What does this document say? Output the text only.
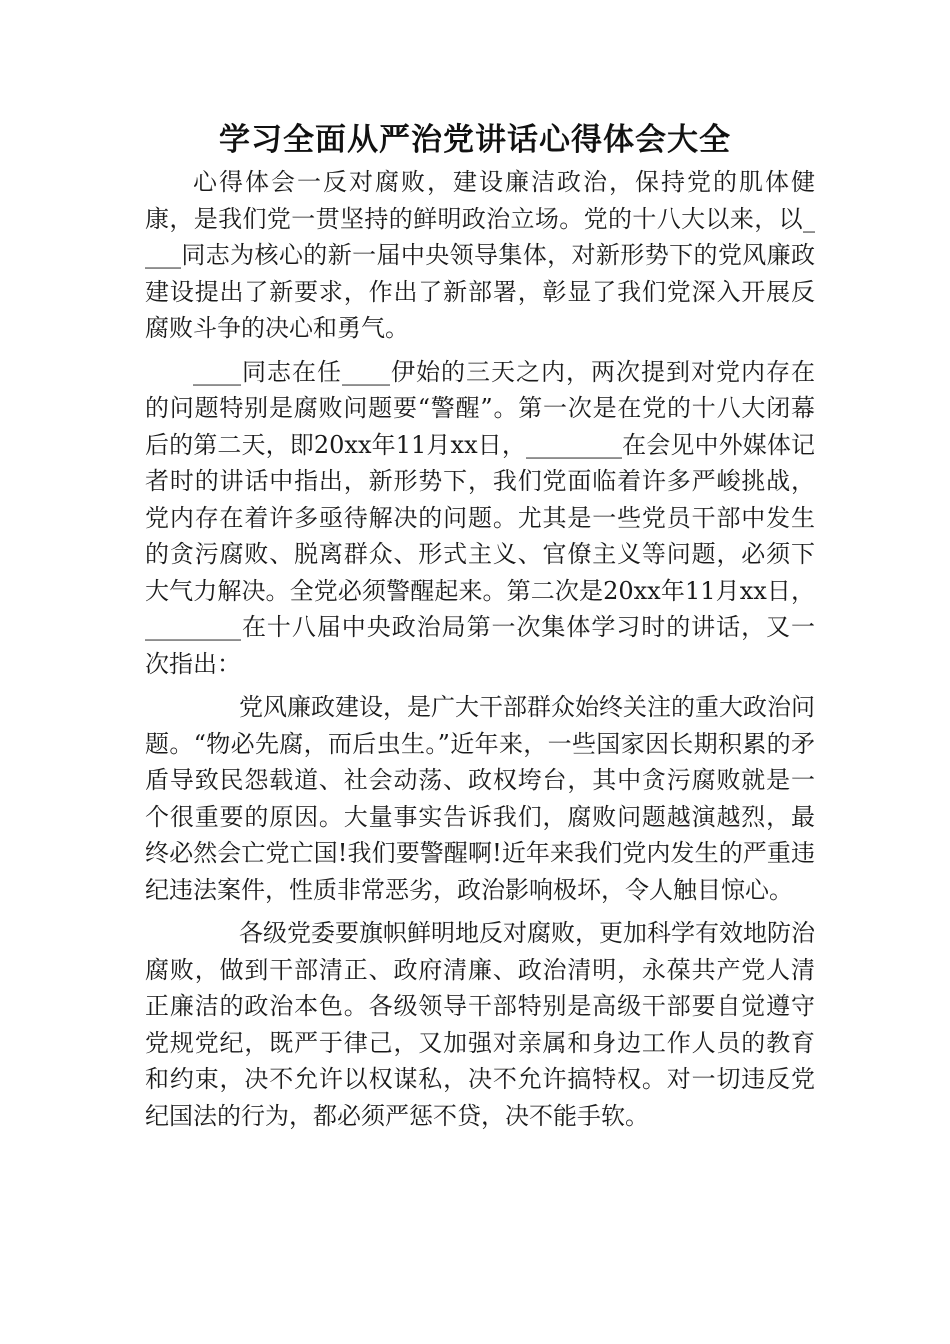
学习全面从严治党讲话心得体会大全

心得体会一反对腐败，建设廉洁政治，保持党的肌体健康，是我们党一贯坚持的鲜明政治立场。党的十八大以来，以____同志为核心的新一届中央领导集体，对新形势下的党风廉政建设提出了新要求，作出了新部署，彰显了我们党深入开展反腐败斗争的决心和勇气。

____同志在任____伊始的三天之内，两次提到对党内存在的问题特别是腐败问题要“警醒”。第一次是在党的十八大闭幕后的第二天，即20xx年11月xx日，________在会见中外媒体记者时的讲话中指出，新形势下，我们党面临着许多严峻挑战，党内存在着许多亟待解决的问题。尤其是一些党员干部中发生的贪污腐败、脱离群众、形式主义、官僚主义等问题，必须下大气力解决。全党必须警醒起来。第二次是20xx年11月xx日，________在十八届中央政治局第一次集体学习时的讲话，又一次指出：

党风廉政建设，是广大干部群众始终关注的重大政治问题。“物必先腐，而后虫生。”近年来，一些国家因长期积累的矛盾导致民怨载道、社会动荡、政权垮台，其中贪污腐败就是一个很重要的原因。大量事实告诉我们，腐败问题越演越烈，最终必然会亡党亡国!我们要警醒啊!近年来我们党内发生的严重违纪违法案件，性质非常恶劣，政治影响极坏，令人触目惊心。

各级党委要旗帜鲜明地反对腐败，更加科学有效地防治腐败，做到干部清正、政府清廉、政治清明，永葆共产党人清正廉洁的政治本色。各级领导干部特别是高级干部要自觉遵守党规党纪，既严于律己，又加强对亲属和身边工作人员的教育和约束，决不允许以权谋私，决不允许搞特权。对一切违反党纪国法的行为，都必须严惩不贷，决不能手软。
